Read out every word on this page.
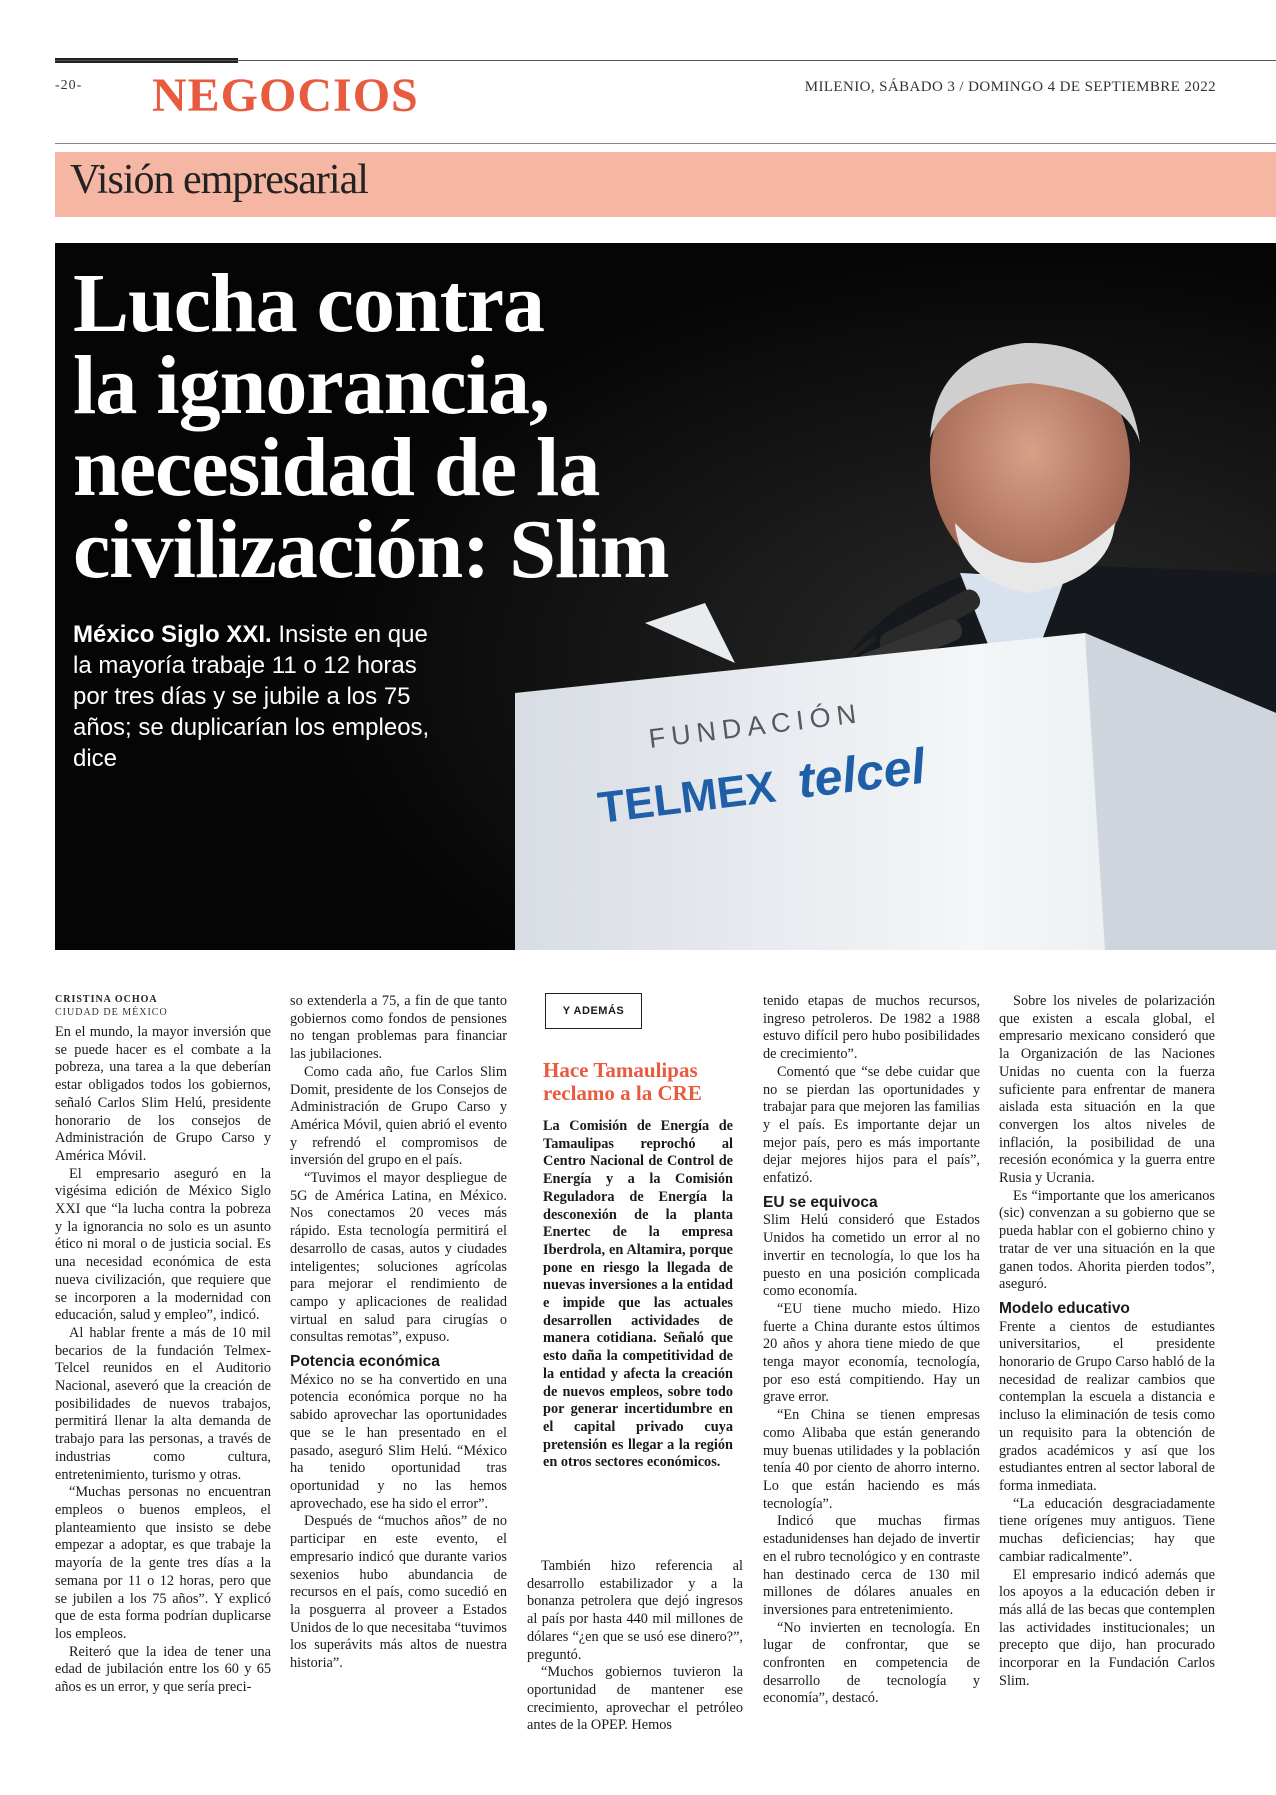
-20- NEGOCIOS	MILENIO, SÁBADO 3 / DOMINGO 4 DE SEPTIEMBRE 2022
Visión empresarial
FUNDACIÓN
TELMEX telcel
Lucha contra
la ignorancia,
necesidad de la
civilización: Slim
México Siglo XXI. Insiste en que la mayoría trabaje 11 o 12 horas por tres días y se jubile a los 75 años; se duplicarían los empleos, dice
CRISTINA OCHOA
CIUDAD DE MÉXICO

En el mundo, la mayor inversión que se puede hacer es el combate a la pobreza, una tarea a la que deberían estar obligados todos los gobiernos, señaló Carlos Slim Helú, presidente honorario de los consejos de Administración de Grupo Carso y América Móvil.

El empresario aseguró en la vigésima edición de México Siglo XXI que “la lucha contra la pobreza y la ignorancia no solo es un asunto ético ni moral o de justicia social. Es una necesidad económica de esta nueva civilización, que requiere que se incorporen a la modernidad con educación, salud y empleo”, indicó.

Al hablar frente a más de 10 mil becarios de la fundación Telmex-Telcel reunidos en el Auditorio Nacional, aseveró que la creación de posibilidades de nuevos trabajos, permitirá llenar la alta demanda de trabajo para las personas, a través de industrias como cultura, entretenimiento, turismo y otras.

“Muchas personas no encuentran empleos o buenos empleos, el planteamiento que insisto se debe empezar a adoptar, es que trabaje la mayoría de la gente tres días a la semana por 11 o 12 horas, pero que se jubilen a los 75 años”. Y explicó que de esta forma podrían duplicarse los empleos.

Reiteró que la idea de tener una edad de jubilación entre los 60 y 65 años es un error, y que sería preci-

so extenderla a 75, a fin de que tanto gobiernos como fondos de pensiones no tengan problemas para financiar las jubilaciones.

Como cada año, fue Carlos Slim Domit, presidente de los Consejos de Administración de Grupo Carso y América Móvil, quien abrió el evento y refrendó el compromisos de inversión del grupo en el país.

“Tuvimos el mayor despliegue de 5G de América Latina, en México. Nos conectamos 20 veces más rápido. Esta tecnología permitirá el desarrollo de casas, autos y ciudades inteligentes; soluciones agrícolas para mejorar el rendimiento de campo y aplicaciones de realidad virtual en salud para cirugías o consultas remotas”, expuso.

Potencia económica

México no se ha convertido en una potencia económica porque no ha sabido aprovechar las oportunidades que se le han presentado en el pasado, aseguró Slim Helú. “México ha tenido oportunidad tras oportunidad y no las hemos aprovechado, ese ha sido el error”.

Después de “muchos años” de no participar en este evento, el empresario indicó que durante varios sexenios hubo abundancia de recursos en el país, como sucedió en la posguerra al proveer a Estados Unidos de lo que necesitaba “tuvimos los superávits más altos de nuestra historia”.

Y ADEMÁS
Hace Tamaulipas reclamo a la CRE
La Comisión de Energía de Tamaulipas reprochó al Centro Nacional de Control de Energía y a la Comisión Reguladora de Energía la desconexión de la planta Enertec de la empresa Iberdrola, en Altamira, porque pone en riesgo la llegada de nuevas inversiones a la entidad e impide que las actuales desarrollen actividades de manera cotidiana. Señaló que esto daña la competitividad de la entidad y afecta la creación de nuevos empleos, sobre todo por generar incertidumbre en el capital privado cuya pretensión es llegar a la región en otros sectores económicos.

También hizo referencia al desarrollo estabilizador y a la bonanza petrolera que dejó ingresos al país por hasta 440 mil millones de dólares “¿en que se usó ese dinero?”, preguntó.

“Muchos gobiernos tuvieron la oportunidad de mantener ese crecimiento, aprovechar el petróleo antes de la OPEP. Hemos

tenido etapas de muchos recursos, ingreso petroleros. De 1982 a 1988 estuvo difícil pero hubo posibilidades de crecimiento”.

Comentó que “se debe cuidar que no se pierdan las oportunidades y trabajar para que mejoren las familias y el país. Es importante dejar un mejor país, pero es más importante dejar mejores hijos para el país”, enfatizó.

EU se equivoca

Slim Helú consideró que Estados Unidos ha cometido un error al no invertir en tecnología, lo que los ha puesto en una posición complicada como economía.

“EU tiene mucho miedo. Hizo fuerte a China durante estos últimos 20 años y ahora tiene miedo de que tenga mayor economía, tecnología, por eso está compitiendo. Hay un grave error.

“En China se tienen empresas como Alibaba que están generando muy buenas utilidades y la población tenía 40 por ciento de ahorro interno. Lo que están haciendo es más tecnología”.

Indicó que muchas firmas estadunidenses han dejado de invertir en el rubro tecnológico y en contraste han destinado cerca de 130 mil millones de dólares anuales en inversiones para entretenimiento.

“No invierten en tecnología. En lugar de confrontar, que se confronten en competencia de desarrollo de tecnología y economía”, destacó.

Sobre los niveles de polarización que existen a escala global, el empresario mexicano consideró que la Organización de las Naciones Unidas no cuenta con la fuerza suficiente para enfrentar de manera aislada esta situación en la que convergen los altos niveles de inflación, la posibilidad de una recesión económica y la guerra entre Rusia y Ucrania.

Es “importante que los americanos (sic) convenzan a su gobierno que se pueda hablar con el gobierno chino y tratar de ver una situación en la que ganen todos. Ahorita pierden todos”, aseguró.

Modelo educativo

Frente a cientos de estudiantes universitarios, el presidente honorario de Grupo Carso habló de la necesidad de realizar cambios que contemplan la escuela a distancia e incluso la eliminación de tesis como un requisito para la obtención de grados académicos y así que los estudiantes entren al sector laboral de forma inmediata.

“La educación desgraciadamente tiene orígenes muy antiguos. Tiene muchas deficiencias; hay que cambiar radicalmente”.

El empresario indicó además que los apoyos a la educación deben ir más allá de las becas que contemplen las actividades institucionales; un precepto que dijo, han procurado incorporar en la Fundación Carlos Slim.
